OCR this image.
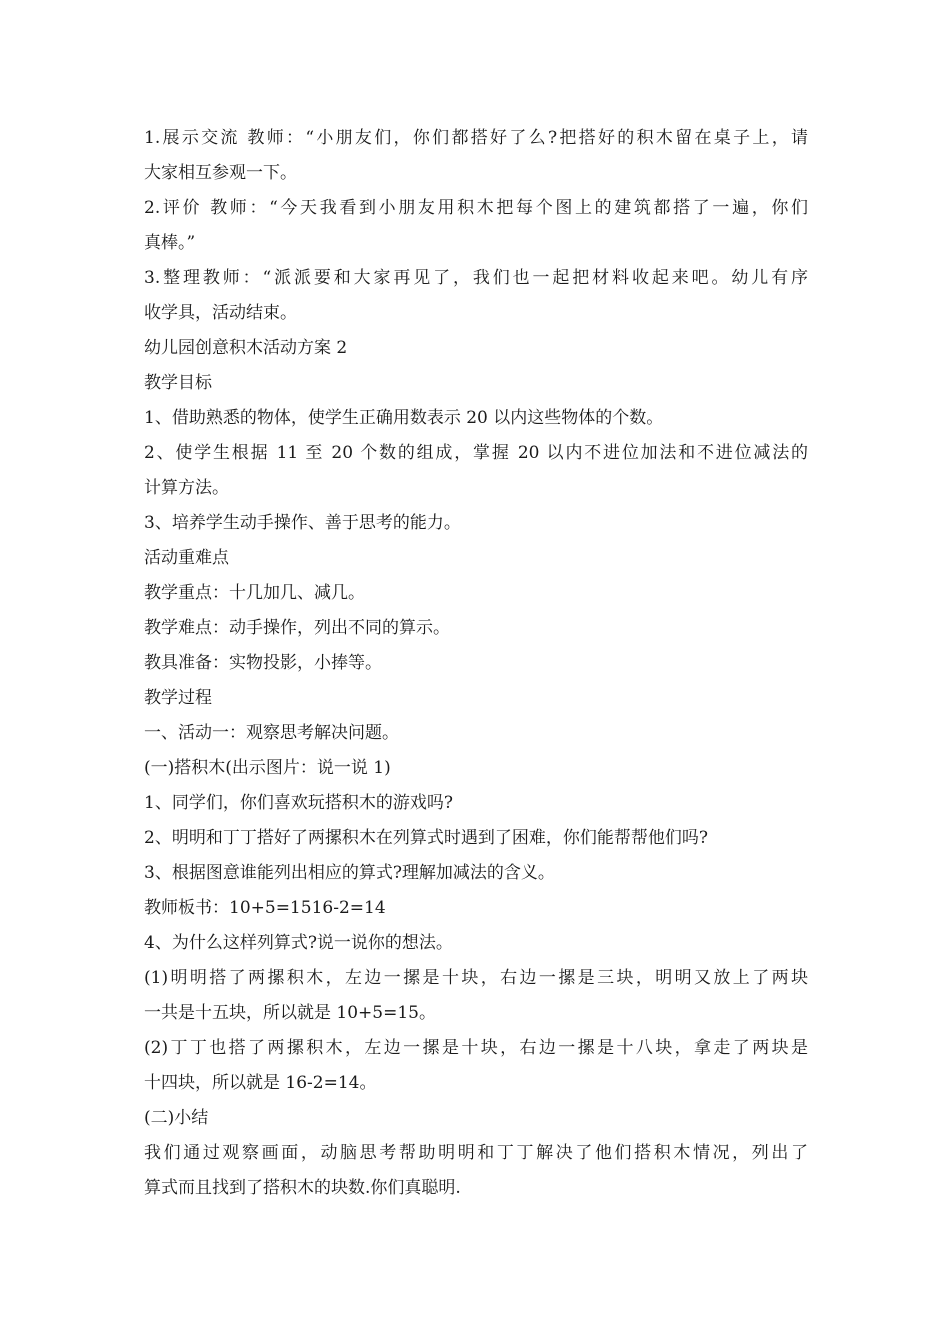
1.展示交流 教师：“小朋友们，你们都搭好了么?把搭好的积木留在桌子上，请
大家相互参观一下。
2.评价 教师：“今天我看到小朋友用积木把每个图上的建筑都搭了一遍，你们
真棒。”
3.整理教师：“派派要和大家再见了，我们也一起把材料收起来吧。幼儿有序
收学具，活动结束。
幼儿园创意积木活动方案 2
教学目标
1、借助熟悉的物体，使学生正确用数表示 20 以内这些物体的个数。
2、使学生根据 11 至 20 个数的组成，掌握 20 以内不进位加法和不进位减法的
计算方法。
3、培养学生动手操作、善于思考的能力。
活动重难点
教学重点：十几加几、减几。
教学难点：动手操作，列出不同的算示。
教具准备：实物投影，小捧等。
教学过程
一、活动一：观察思考解决问题。
(一)搭积木(出示图片：说一说 1)
1、同学们，你们喜欢玩搭积木的游戏吗?
2、明明和丁丁搭好了两摞积木在列算式时遇到了困难，你们能帮帮他们吗?
3、根据图意谁能列出相应的算式?理解加减法的含义。
教师板书：10+5=1516-2=14
4、为什么这样列算式?说一说你的想法。
(1)明明搭了两摞积木，左边一摞是十块，右边一摞是三块，明明又放上了两块
一共是十五块，所以就是 10+5=15。
(2)丁丁也搭了两摞积木，左边一摞是十块，右边一摞是十八块，拿走了两块是
十四块，所以就是 16-2=14。
(二)小结
我们通过观察画面，动脑思考帮助明明和丁丁解决了他们搭积木情况，列出了
算式而且找到了搭积木的块数.你们真聪明.
